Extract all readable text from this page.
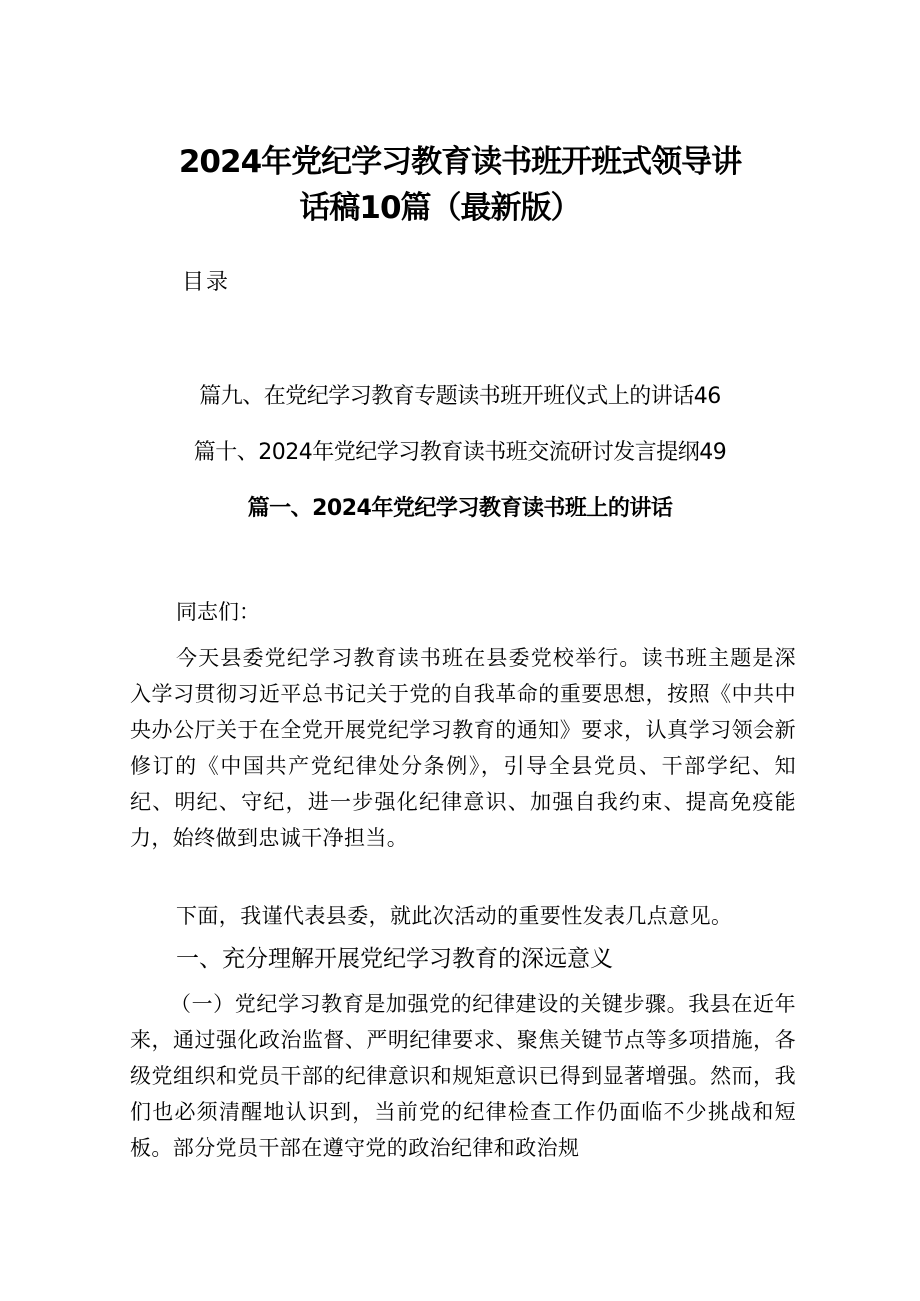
2024年党纪学习教育读书班开班式领导讲
话稿10篇（最新版）
目录
篇九、在党纪学习教育专题读书班开班仪式上的讲话46
篇十、2024年党纪学习教育读书班交流研讨发言提纲49
篇一、2024年党纪学习教育读书班上的讲话
同志们：
今天县委党纪学习教育读书班在县委党校举行。读书班主题是深入学习贯彻习近平总书记关于党的自我革命的重要思想，按照《中共中央办公厅关于在全党开展党纪学习教育的通知》要求，认真学习领会新修订的《中国共产党纪律处分条例》，引导全县党员、干部学纪、知纪、明纪、守纪，进一步强化纪律意识、加强自我约束、提高免疫能力，始终做到忠诚干净担当。
下面，我谨代表县委，就此次活动的重要性发表几点意见。
一、充分理解开展党纪学习教育的深远意义
（一）党纪学习教育是加强党的纪律建设的关键步骤。我县在近年来，通过强化政治监督、严明纪律要求、聚焦关键节点等多项措施，各级党组织和党员干部的纪律意识和规矩意识已得到显著增强。然而，我们也必须清醒地认识到，当前党的纪律检查工作仍面临不少挑战和短板。部分党员干部在遵守党的政治纪律和政治规
